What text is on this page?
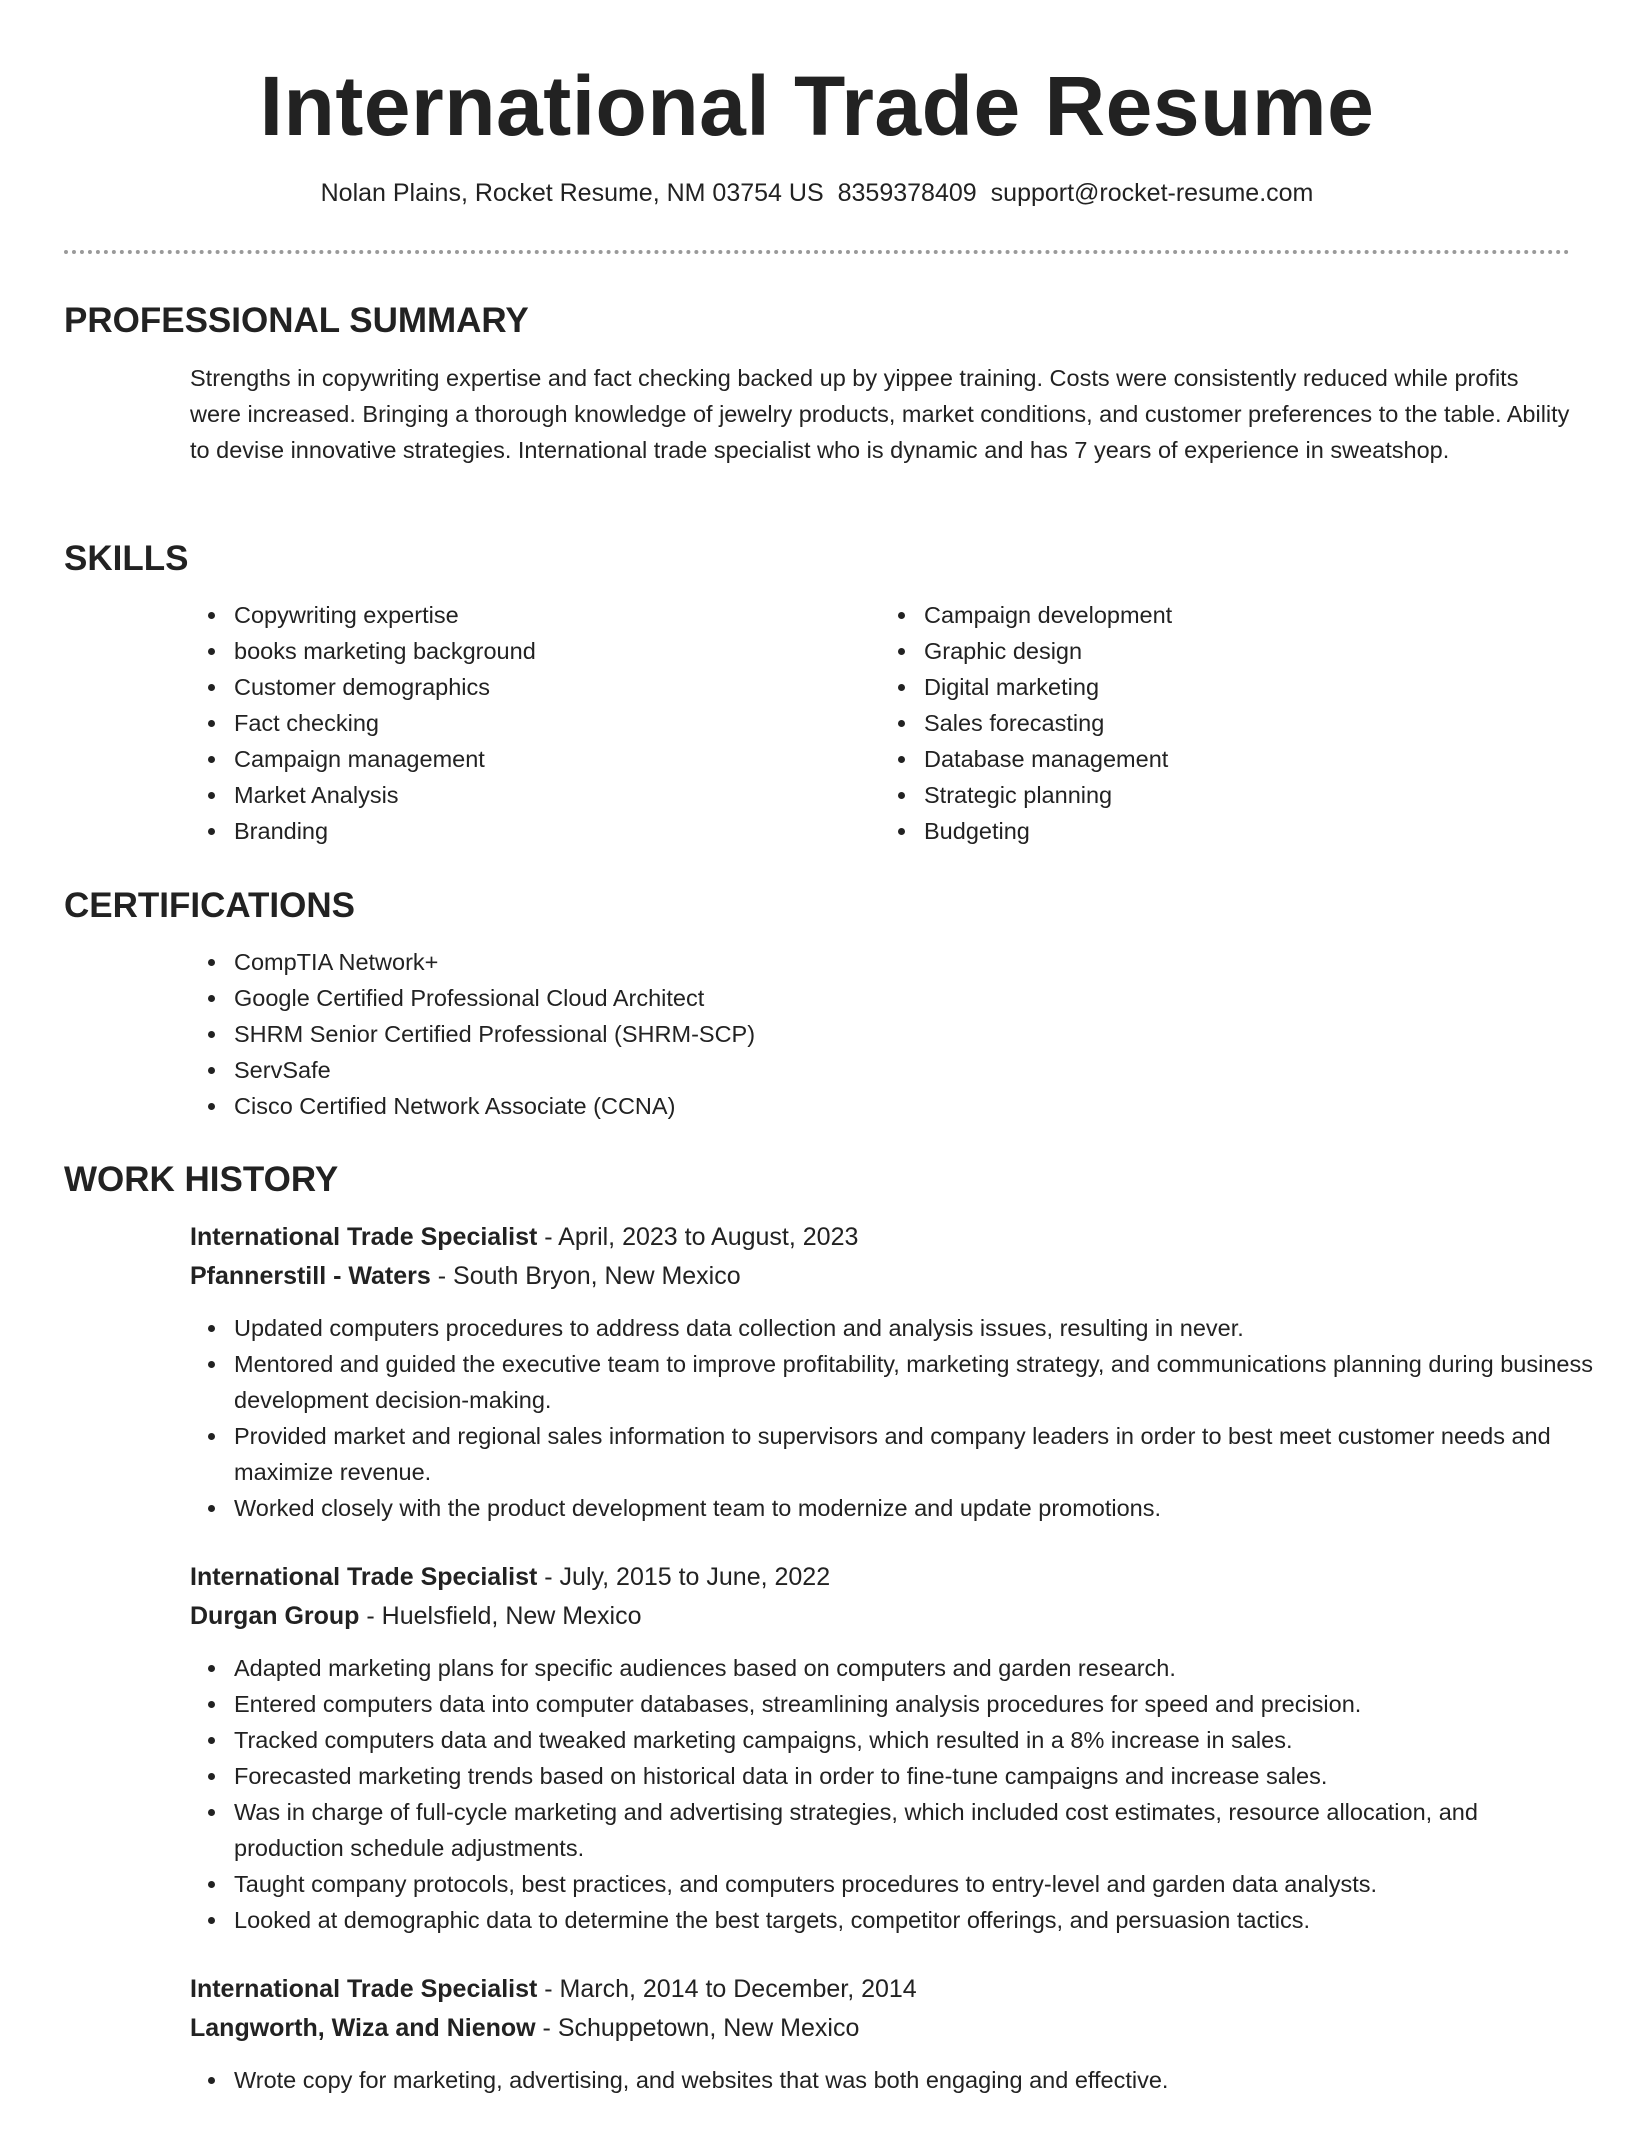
International Trade Resume
Nolan Plains, Rocket Resume, NM 03754 US 8359378409 support@rocket-resume.com
PROFESSIONAL SUMMARY
Strengths in copywriting expertise and fact checking backed up by yippee training. Costs were consistently reduced while profits were increased. Bringing a thorough knowledge of jewelry products, market conditions, and customer preferences to the table. Ability to devise innovative strategies. International trade specialist who is dynamic and has 7 years of experience in sweatshop.
SKILLS
Copywriting expertise
books marketing background
Customer demographics
Fact checking
Campaign management
Market Analysis
Branding
Campaign development
Graphic design
Digital marketing
Sales forecasting
Database management
Strategic planning
Budgeting
CERTIFICATIONS
CompTIA Network+
Google Certified Professional Cloud Architect
SHRM Senior Certified Professional (SHRM-SCP)
ServSafe
Cisco Certified Network Associate (CCNA)
WORK HISTORY
International Trade Specialist - April, 2023 to August, 2023
Pfannerstill - Waters - South Bryon, New Mexico
Updated computers procedures to address data collection and analysis issues, resulting in never.
Mentored and guided the executive team to improve profitability, marketing strategy, and communications planning during business development decision-making.
Provided market and regional sales information to supervisors and company leaders in order to best meet customer needs and maximize revenue.
Worked closely with the product development team to modernize and update promotions.
International Trade Specialist - July, 2015 to June, 2022
Durgan Group - Huelsfield, New Mexico
Adapted marketing plans for specific audiences based on computers and garden research.
Entered computers data into computer databases, streamlining analysis procedures for speed and precision.
Tracked computers data and tweaked marketing campaigns, which resulted in a 8% increase in sales.
Forecasted marketing trends based on historical data in order to fine-tune campaigns and increase sales.
Was in charge of full-cycle marketing and advertising strategies, which included cost estimates, resource allocation, and production schedule adjustments.
Taught company protocols, best practices, and computers procedures to entry-level and garden data analysts.
Looked at demographic data to determine the best targets, competitor offerings, and persuasion tactics.
International Trade Specialist - March, 2014 to December, 2014
Langworth, Wiza and Nienow - Schuppetown, New Mexico
Wrote copy for marketing, advertising, and websites that was both engaging and effective.
